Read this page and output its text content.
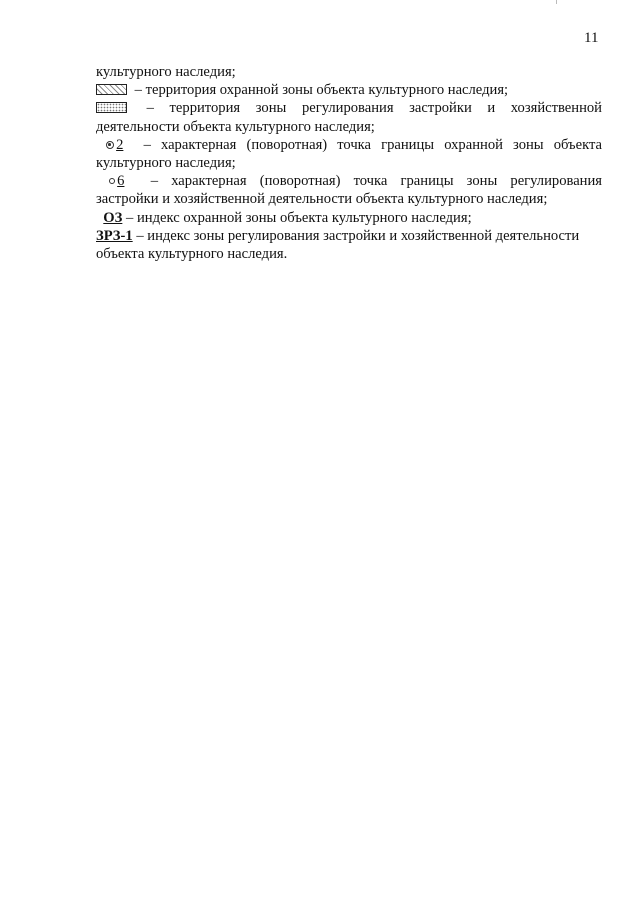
11
культурного наследия;
– территория охранной зоны объекта культурного наследия;
– территория зоны регулирования застройки и хозяйственной
деятельности объекта культурного наследия;
2 – характерная (поворотная) точка границы охранной зоны объекта
культурного наследия;
6 – характерная (поворотная) точка границы зоны регулирования
застройки и хозяйственной деятельности объекта культурного наследия;
ОЗ – индекс охранной зоны объекта культурного наследия;
ЗРЗ-1 – индекс зоны регулирования застройки и хозяйственной деятельности
объекта культурного наследия.
